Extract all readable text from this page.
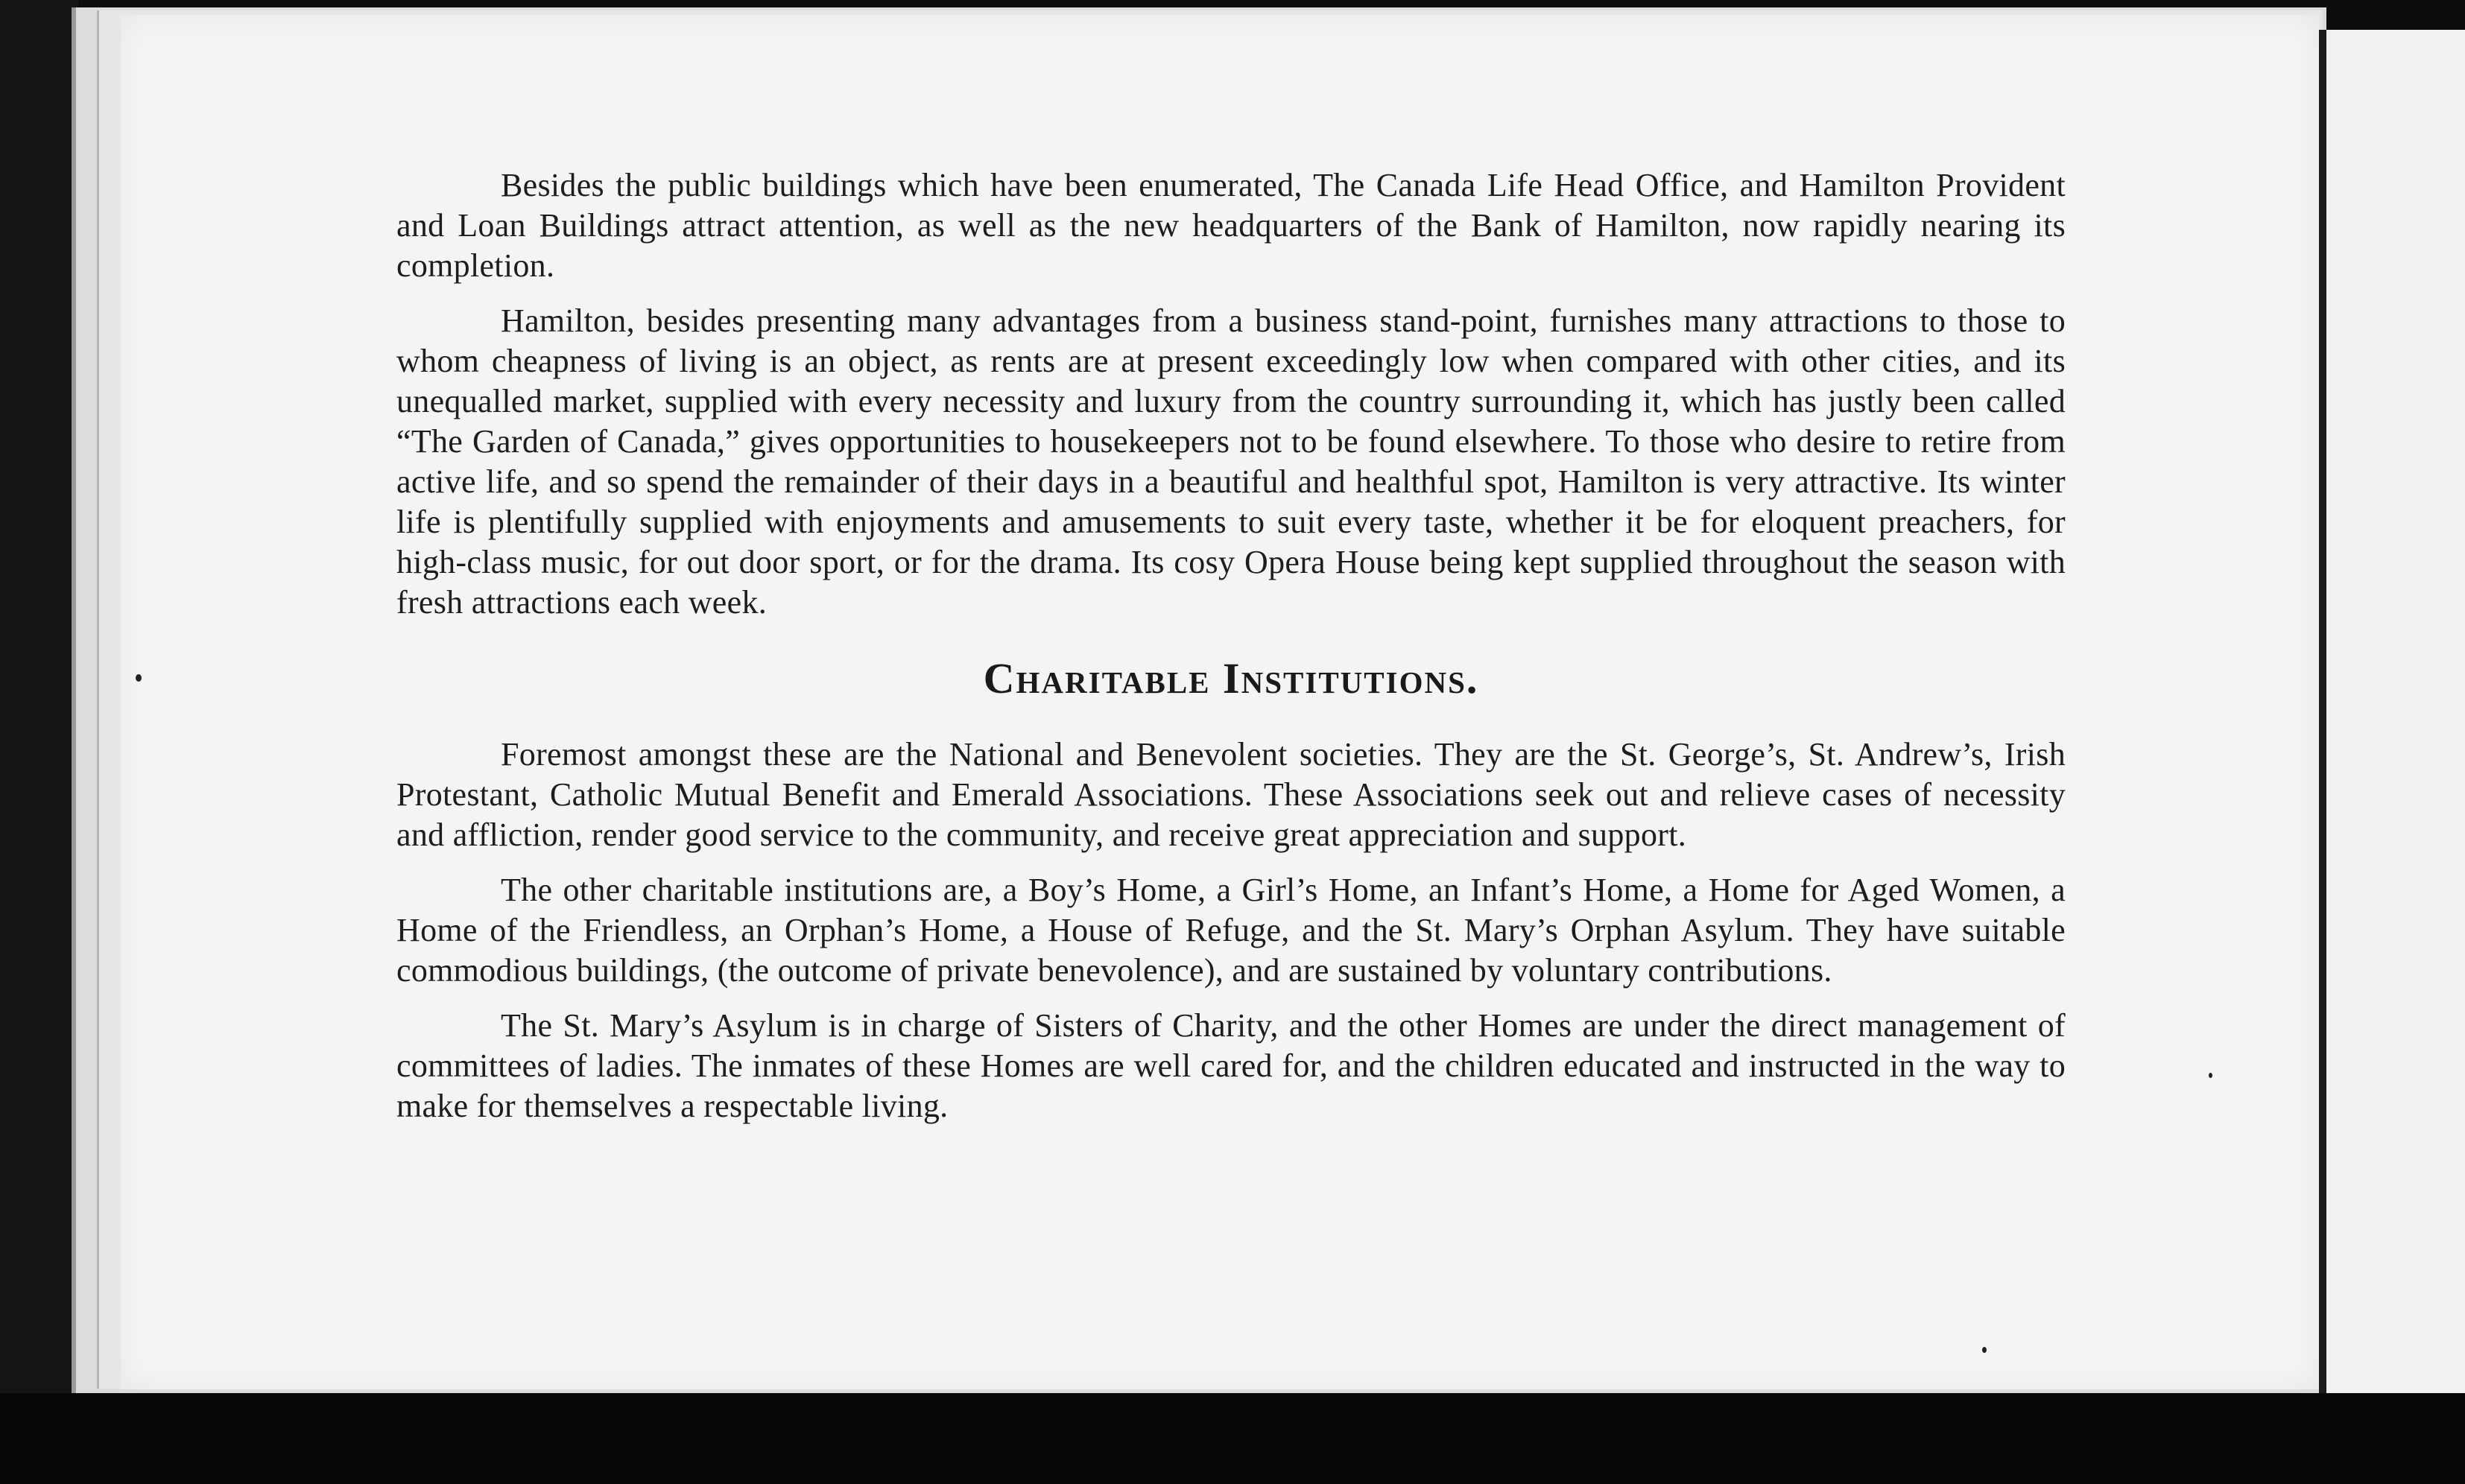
Besides the public buildings which have been enumerated, The Canada Life Head Office, and Hamilton Provident and Loan Buildings attract attention, as well as the new headquarters of the Bank of Hamilton, now rapidly nearing its completion.

Hamilton, besides presenting many advantages from a business stand-point, furnishes many attractions to those to whom cheapness of living is an object, as rents are at present exceedingly low when compared with other cities, and its unequalled market, supplied with every necessity and luxury from the country surrounding it, which has justly been called “The Garden of Canada,” gives opportunities to housekeepers not to be found elsewhere. To those who desire to retire from active life, and so spend the remainder of their days in a beautiful and healthful spot, Hamilton is very attractive. Its winter life is plentifully supplied with enjoyments and amusements to suit every taste, whether it be for eloquent preachers, for high-class music, for out door sport, or for the drama. Its cosy Opera House being kept supplied throughout the season with fresh attractions each week.

Charitable Institutions.

Foremost amongst these are the National and Benevolent societies. They are the St. George’s, St. Andrew’s, Irish Protestant, Catholic Mutual Benefit and Emerald Associations. These Associations seek out and relieve cases of necessity and affliction, render good service to the community, and receive great appreciation and support.

The other charitable institutions are, a Boy’s Home, a Girl’s Home, an Infant’s Home, a Home for Aged Women, a Home of the Friendless, an Orphan’s Home, a House of Refuge, and the St. Mary’s Orphan Asylum. They have suitable commodious buildings, (the outcome of private benevolence), and are sustained by voluntary contributions.

The St. Mary’s Asylum is in charge of Sisters of Charity, and the other Homes are under the direct management of committees of ladies. The inmates of these Homes are well cared for, and the children educated and instructed in the way to make for themselves a respectable living.
